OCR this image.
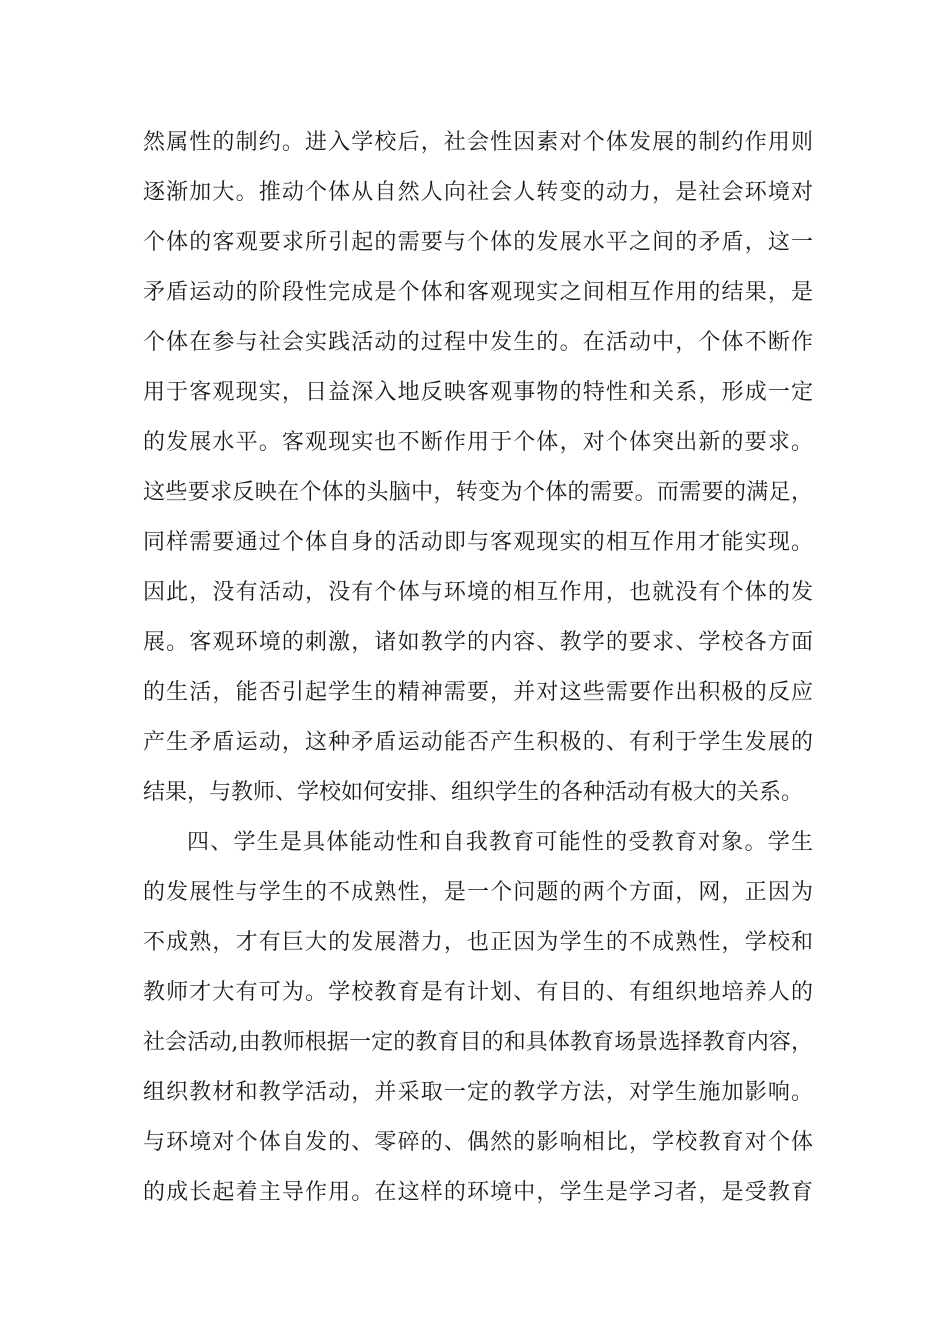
然属性的制约。进入学校后，社会性因素对个体发展的制约作用则
逐渐加大。推动个体从自然人向社会人转变的动力，是社会环境对
个体的客观要求所引起的需要与个体的发展水平之间的矛盾，这一
矛盾运动的阶段性完成是个体和客观现实之间相互作用的结果，是
个体在参与社会实践活动的过程中发生的。在活动中，个体不断作
用于客观现实，日益深入地反映客观事物的特性和关系，形成一定
的发展水平。客观现实也不断作用于个体，对个体突出新的要求。
这些要求反映在个体的头脑中，转变为个体的需要。而需要的满足，
同样需要通过个体自身的活动即与客观现实的相互作用才能实现。
因此，没有活动，没有个体与环境的相互作用，也就没有个体的发
展。客观环境的刺激，诸如教学的内容、教学的要求、学校各方面
的生活，能否引起学生的精神需要，并对这些需要作出积极的反应
产生矛盾运动，这种矛盾运动能否产生积极的、有利于学生发展的
结果，与教师、学校如何安排、组织学生的各种活动有极大的关系。
四、学生是具体能动性和自我教育可能性的受教育对象。学生
的发展性与学生的不成熟性，是一个问题的两个方面，网，正因为
不成熟，才有巨大的发展潜力，也正因为学生的不成熟性，学校和
教师才大有可为。学校教育是有计划、有目的、有组织地培养人的
社会活动,由教师根据一定的教育目的和具体教育场景选择教育内容，
组织教材和教学活动，并采取一定的教学方法，对学生施加影响。
与环境对个体自发的、零碎的、偶然的影响相比，学校教育对个体
的成长起着主导作用。在这样的环境中，学生是学习者，是受教育
